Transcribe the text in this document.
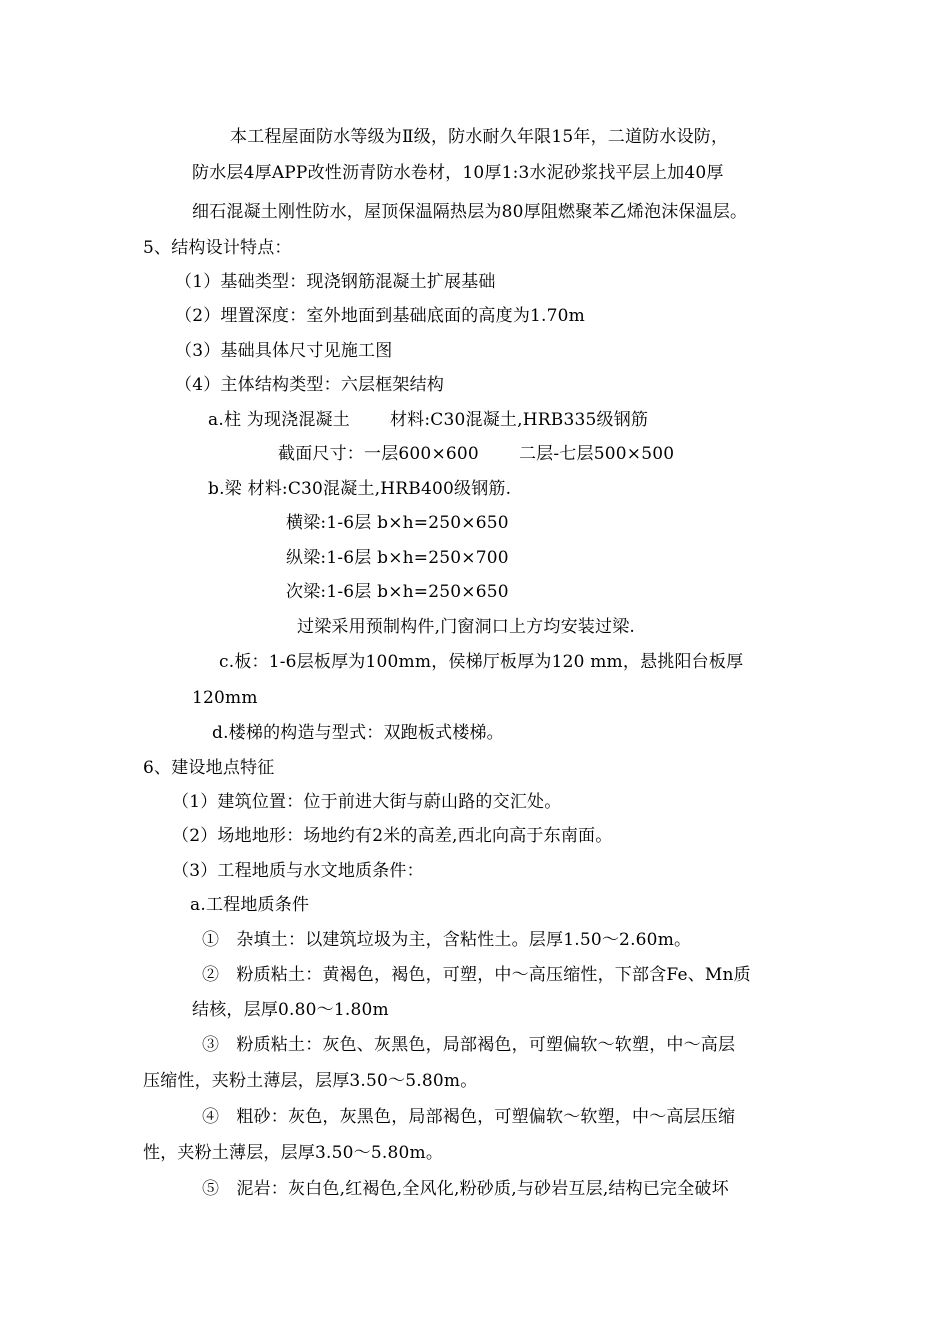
本工程屋面防水等级为Ⅱ级，防水耐久年限15年，二道防水设防，
防水层4厚APP改性沥青防水卷材，10厚1:3水泥砂浆找平层上加40厚
细石混凝土刚性防水，屋顶保温隔热层为80厚阻燃聚苯乙烯泡沫保温层。
5、结构设计特点：
（1）基础类型：现浇钢筋混凝土扩展基础
（2）埋置深度：室外地面到基础底面的高度为1.70m
（3）基础具体尺寸见施工图
（4）主体结构类型：六层框架结构
a.柱 为现浇混凝土 材料:C30混凝土,HRB335级钢筋
截面尺寸：一层600×600 二层-七层500×500
b.梁 材料:C30混凝土,HRB400级钢筋.
横梁:1-6层 b×h=250×650
纵梁:1-6层 b×h=250×700
次梁:1-6层 b×h=250×650
过梁采用预制构件,门窗洞口上方均安装过梁.
c.板：1-6层板厚为100mm，侯梯厅板厚为120 mm，悬挑阳台板厚
120mm
d.楼梯的构造与型式：双跑板式楼梯。
6、建设地点特征
（1）建筑位置：位于前进大街与蔚山路的交汇处。
（2）场地地形：场地约有2米的高差,西北向高于东南面。
（3）工程地质与水文地质条件：
a.工程地质条件
①　杂填土：以建筑垃圾为主，含粘性土。层厚1.50～2.60m。
②　粉质粘土：黄褐色，褐色，可塑，中～高压缩性，下部含Fe、Mn质
结核，层厚0.80～1.80m
③　粉质粘土：灰色、灰黑色，局部褐色，可塑偏软～软塑，中～高层
压缩性，夹粉土薄层，层厚3.50～5.80m。
④　粗砂：灰色，灰黑色，局部褐色，可塑偏软～软塑，中～高层压缩
性，夹粉土薄层，层厚3.50～5.80m。
⑤　泥岩：灰白色,红褐色,全风化,粉砂质,与砂岩互层,结构已完全破坏
